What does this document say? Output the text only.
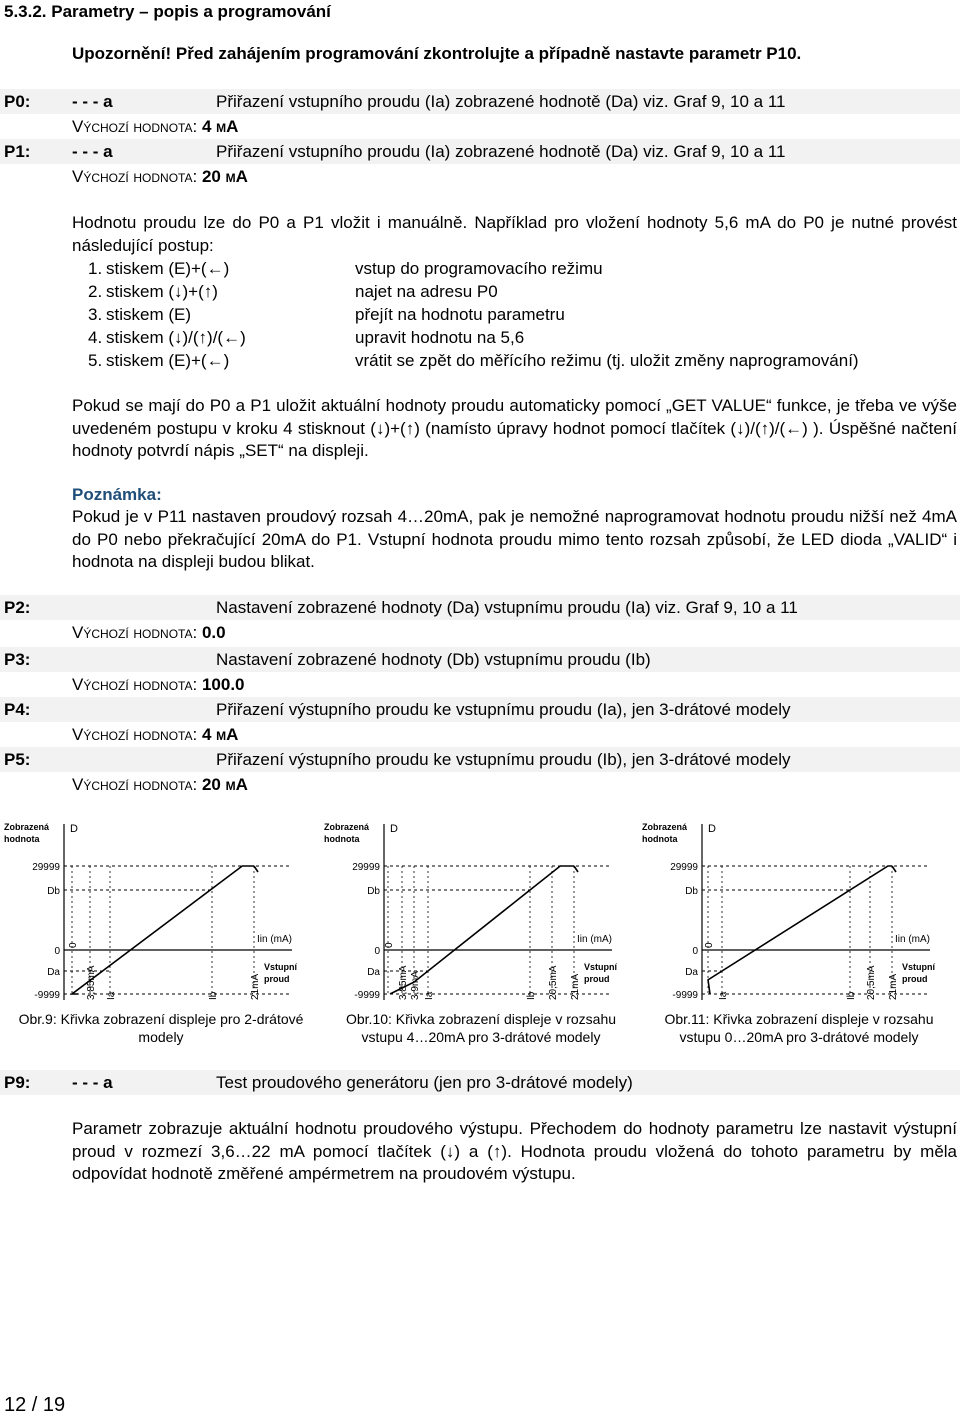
5.3.2. Parametry – popis a programování
Upozornění! Před zahájením programování zkontrolujte a případně nastavte parametr P10.
P0: - - - a	Přiřazení vstupního proudu (Ia) zobrazené hodnotě (Da) viz. Graf 9, 10 a 11
Výchozí hodnota: 4 mA
P1: - - - a	Přiřazení vstupního proudu (Ia) zobrazené hodnotě (Da) viz. Graf 9, 10 a 11
Výchozí hodnota: 20 mA
Hodnotu proudu lze do P0 a P1 vložit i manuálně. Například pro vložení hodnoty 5,6 mA do P0 je nutné provést následující postup:
1. stiskem (E)+(←)	vstup do programovacího režimu
2. stiskem (↓)+(↑)	najet na adresu P0
3. stiskem (E)	přejít na hodnotu parametru
4. stiskem (↓)/(↑)/(←)	upravit hodnotu na 5,6
5. stiskem (E)+(←)	vrátit se zpět do měřícího režimu (tj. uložit změny naprogramování)
Pokud se mají do P0 a P1 uložit aktuální hodnoty proudu automaticky pomocí „GET VALUE“ funkce, je třeba ve výše uvedeném postupu v kroku 4 stisknout (↓)+(↑) (namísto úpravy hodnot pomocí tlačítek (↓)/(↑)/(←) ). Úspěšné načtení hodnoty potvrdí nápis „SET“ na displeji.
Poznámka:
Pokud je v P11 nastaven proudový rozsah 4…20mA, pak je nemožné naprogramovat hodnotu proudu nižší než 4mA do P0 nebo překračující 20mA do P1. Vstupní hodnota proudu mimo tento rozsah způsobí, že LED dioda „VALID“ i hodnota na displeji budou blikat.
P2:	Nastavení zobrazené hodnoty (Da) vstupnímu proudu (Ia) viz. Graf 9, 10 a 11
Výchozí hodnota: 0.0
P3:	Nastavení zobrazené hodnoty (Db) vstupnímu proudu (Ib)
Výchozí hodnota: 100.0
P4:	Přiřazení výstupního proudu ke vstupnímu proudu (Ia), jen 3-drátové modely
Výchozí hodnota: 4 mA
P5:	Přiřazení výstupního proudu ke vstupnímu proudu (Ib), jen 3-drátové modely
Výchozí hodnota: 20 mA
Zobrazená
hodnota
D
29999
Db
0
Da
-9999
0
3,85mA Ia	Ib	21mA
Iin (mA)
Vstupní
proud
Zobrazená
hodnota
D
29999
Db
0
Da
-9999
0
3,85mA 3,9mA Ia	Ib 20,5mA 21mA
Iin (mA)
Vstupní
proud
Zobrazená
hodnota
D
29999
Db
0
Da
-9999
0
Ia	Ib 20,5mA 21mA
Iin (mA)
Vstupní
proud
Obr.9: Křivka zobrazení displeje pro 2-drátové modely
Obr.10: Křivka zobrazení displeje v rozsahu vstupu 4…20mA pro 3-drátové modely
Obr.11: Křivka zobrazení displeje v rozsahu vstupu 0…20mA pro 3-drátové modely
P9: - - - a	Test proudového generátoru (jen pro 3-drátové modely)
Parametr zobrazuje aktuální hodnotu proudového výstupu. Přechodem do hodnoty parametru lze nastavit výstupní proud v rozmezí 3,6…22 mA pomocí tlačítek (↓) a (↑). Hodnota proudu vložená do tohoto parametru by měla odpovídat hodnotě změřené ampérmetrem na proudovém výstupu.
12 / 19
